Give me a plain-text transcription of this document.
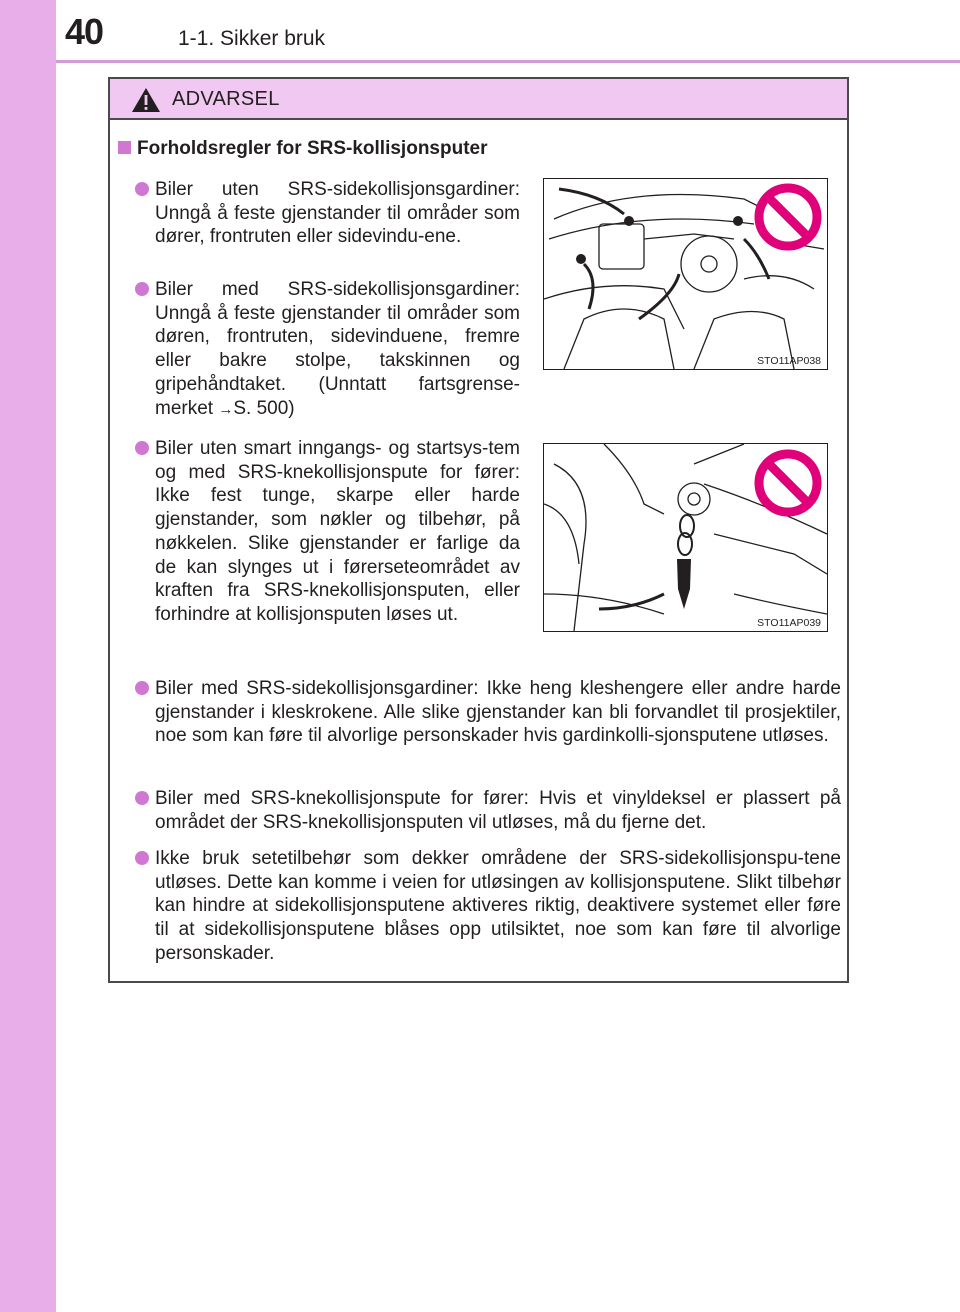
40	1-1. Sikker bruk
ADVARSEL
Forholdsregler for SRS-kollisjonsputer
Biler uten SRS-sidekollisjonsgardiner: Unngå å feste gjenstander til områder som dører, frontruten eller sidevindu-ene.
Biler med SRS-sidekollisjonsgardiner: Unngå å feste gjenstander til områder som døren, frontruten, sidevinduene, fremre eller bakre stolpe, takskinnen og gripehåndtaket. (Unntatt fartsgrense-merket →S. 500)
STO11AP038
Biler uten smart inngangs- og startsys-tem og med SRS-knekollisjonspute for fører: Ikke fest tunge, skarpe eller harde gjenstander, som nøkler og tilbehør, på nøkkelen. Slike gjenstander er farlige da de kan slynges ut i førerseteområdet av kraften fra SRS-knekollisjonsputen, eller forhindre at kollisjonsputen løses ut.	STO11AP039
Biler med SRS-sidekollisjonsgardiner: Ikke heng kleshengere eller andre harde gjenstander i kleskrokene. Alle slike gjenstander kan bli forvandlet til prosjektiler, noe som kan føre til alvorlige personskader hvis gardinkolli-sjonsputene utløses.
Biler med SRS-knekollisjonspute for fører: Hvis et vinyldeksel er plassert på området der SRS-knekollisjonsputen vil utløses, må du fjerne det.
Ikke bruk setetilbehør som dekker områdene der SRS-sidekollisjonspu-tene utløses. Dette kan komme i veien for utløsingen av kollisjonsputene. Slikt tilbehør kan hindre at sidekollisjonsputene aktiveres riktig, deaktivere systemet eller føre til at sidekollisjonsputene blåses opp utilsiktet, noe som kan føre til alvorlige personskader.
